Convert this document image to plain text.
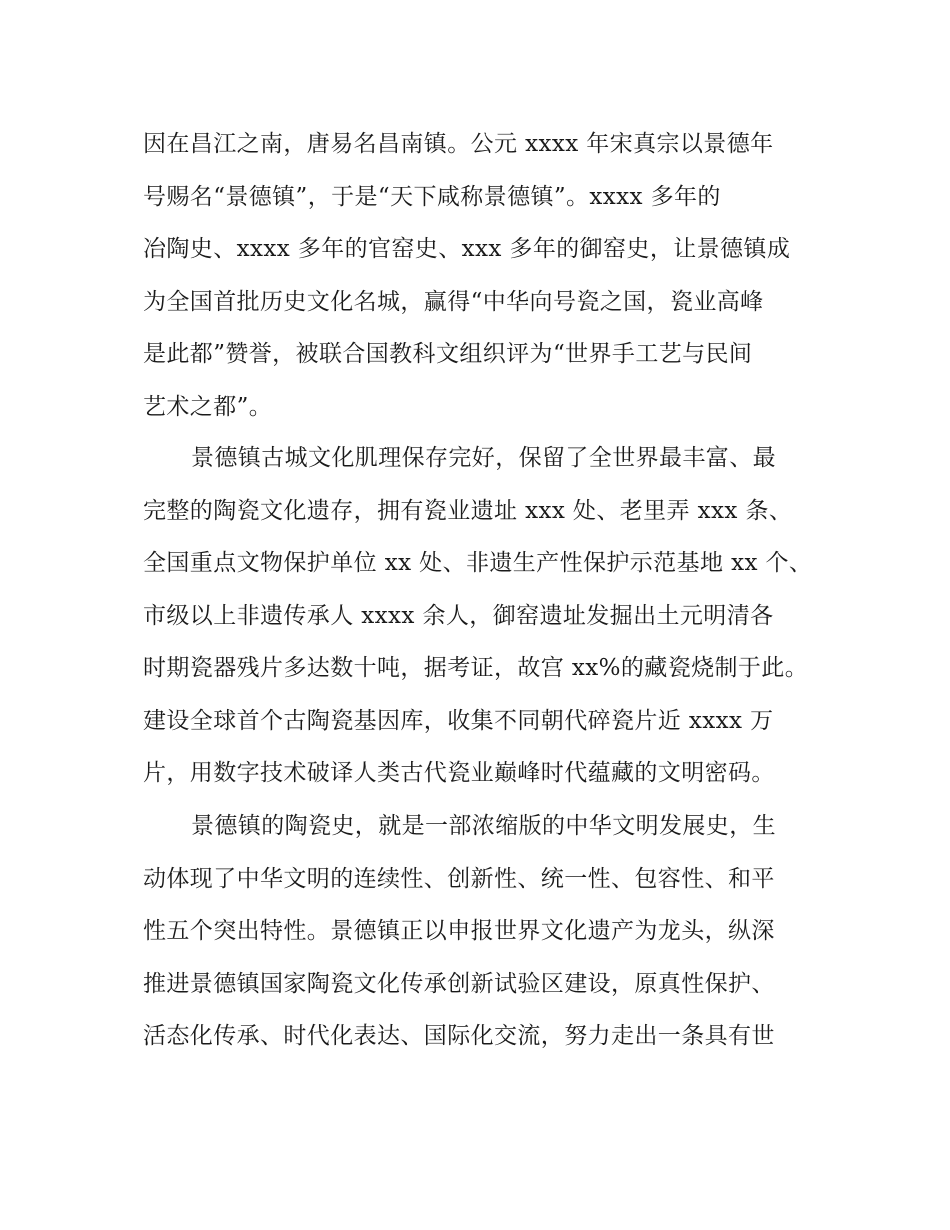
因在昌江之南，唐易名昌南镇。公元 xxxx 年宋真宗以景德年
号赐名“景德镇”，于是“天下咸称景德镇”。xxxx 多年的
冶陶史、xxxx 多年的官窑史、xxx 多年的御窑史，让景德镇成
为全国首批历史文化名城，赢得“中华向号瓷之国，瓷业高峰
是此都”赞誉，被联合国教科文组织评为“世界手工艺与民间
艺术之都”。
景德镇古城文化肌理保存完好，保留了全世界最丰富、最
完整的陶瓷文化遗存，拥有瓷业遗址 xxx 处、老里弄 xxx 条、
全国重点文物保护单位 xx 处、非遗生产性保护示范基地 xx 个、
市级以上非遗传承人 xxxx 余人，御窑遗址发掘出土元明清各
时期瓷器残片多达数十吨，据考证，故宫 xx%的藏瓷烧制于此。
建设全球首个古陶瓷基因库，收集不同朝代碎瓷片近 xxxx 万
片，用数字技术破译人类古代瓷业巅峰时代蕴藏的文明密码。
景德镇的陶瓷史，就是一部浓缩版的中华文明发展史，生
动体现了中华文明的连续性、创新性、统一性、包容性、和平
性五个突出特性。景德镇正以申报世界文化遗产为龙头，纵深
推进景德镇国家陶瓷文化传承创新试验区建设，原真性保护、
活态化传承、时代化表达、国际化交流，努力走出一条具有世
